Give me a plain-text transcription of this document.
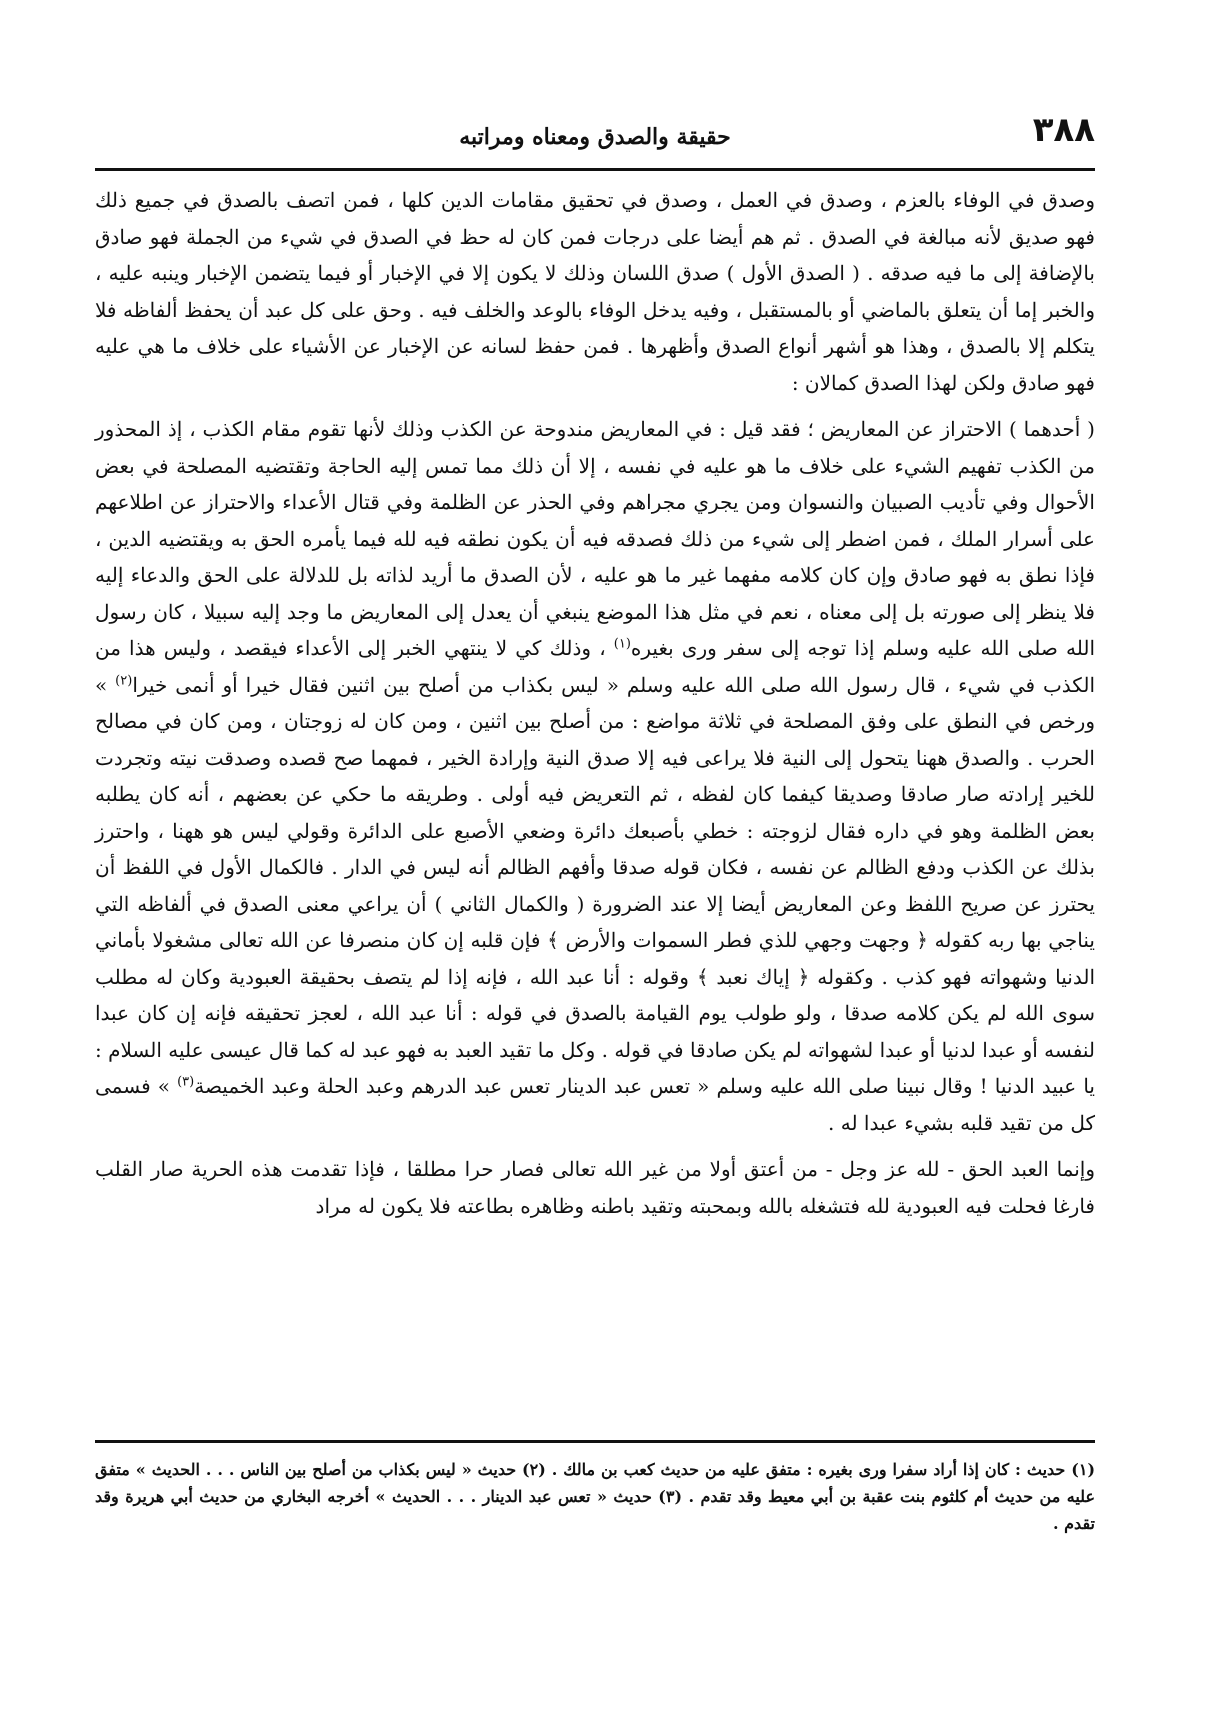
٣٨٨
حقيقة والصدق ومعناه ومراتبه

وصدق في الوفاء بالعزم ، وصدق في العمل ، وصدق في تحقيق مقامات الدين كلها ، فمن اتصف بالصدق في جميع ذلك فهو صديق لأنه مبالغة في الصدق . ثم هم أيضا على درجات فمن كان له حظ في الصدق في شيء من الجملة فهو صادق بالإضافة إلى ما فيه صدقه . ( الصدق الأول ) صدق اللسان وذلك لا يكون إلا في الإخبار أو فيما يتضمن الإخبار وينبه عليه ، والخبر إما أن يتعلق بالماضي أو بالمستقبل ، وفيه يدخل الوفاء بالوعد والخلف فيه . وحق على كل عبد أن يحفظ ألفاظه فلا يتكلم إلا بالصدق ، وهذا هو أشهر أنواع الصدق وأظهرها . فمن حفظ لسانه عن الإخبار عن الأشياء على خلاف ما هي عليه فهو صادق ولكن لهذا الصدق كمالان :

( أحدهما ) الاحتراز عن المعاريض ؛ فقد قيل : في المعاريض مندوحة عن الكذب وذلك لأنها تقوم مقام الكذب ، إذ المحذور من الكذب تفهيم الشيء على خلاف ما هو عليه في نفسه ، إلا أن ذلك مما تمس إليه الحاجة وتقتضيه المصلحة في بعض الأحوال وفي تأديب الصبيان والنسوان ومن يجري مجراهم وفي الحذر عن الظلمة وفي قتال الأعداء والاحتراز عن اطلاعهم على أسرار الملك ، فمن اضطر إلى شيء من ذلك فصدقه فيه أن يكون نطقه فيه لله فيما يأمره الحق به ويقتضيه الدين ، فإذا نطق به فهو صادق وإن كان كلامه مفهما غير ما هو عليه ، لأن الصدق ما أريد لذاته بل للدلالة على الحق والدعاء إليه فلا ينظر إلى صورته بل إلى معناه ، نعم في مثل هذا الموضع ينبغي أن يعدل إلى المعاريض ما وجد إليه سبيلا ، كان رسول الله صلى الله عليه وسلم إذا توجه إلى سفر ورى بغيره$^{(١)}$ ، وذلك كي لا ينتهي الخبر إلى الأعداء فيقصد ، وليس هذا من الكذب في شيء ، قال رسول الله صلى الله عليه وسلم « ليس بكذاب من أصلح بين اثنين فقال خيرا أو أنمى خيرا$^{(٢)}$ » ورخص في النطق على وفق المصلحة في ثلاثة مواضع : من أصلح بين اثنين ، ومن كان له زوجتان ، ومن كان في مصالح الحرب . والصدق ههنا يتحول إلى النية فلا يراعى فيه إلا صدق النية وإرادة الخير ، فمهما صح قصده وصدقت نيته وتجردت للخير إرادته صار صادقا وصديقا كيفما كان لفظه ، ثم التعريض فيه أولى . وطريقه ما حكي عن بعضهم ، أنه كان يطلبه بعض الظلمة وهو في داره فقال لزوجته : خطي بأصبعك دائرة وضعي الأصبع على الدائرة وقولي ليس هو ههنا ، واحترز بذلك عن الكذب ودفع الظالم عن نفسه ، فكان قوله صدقا وأفهم الظالم أنه ليس في الدار . فالكمال الأول في اللفظ أن يحترز عن صريح اللفظ وعن المعاريض أيضا إلا عند الضرورة ( والكمال الثاني ) أن يراعي معنى الصدق في ألفاظه التي يناجي بها ربه كقوله ﴿ وجهت وجهي للذي فطر السموات والأرض ﴾ فإن قلبه إن كان منصرفا عن الله تعالى مشغولا بأماني الدنيا وشهواته فهو كذب . وكقوله ﴿ إياك نعبد ﴾ وقوله : أنا عبد الله ، فإنه إذا لم يتصف بحقيقة العبودية وكان له مطلب سوى الله لم يكن كلامه صدقا ، ولو طولب يوم القيامة بالصدق في قوله : أنا عبد الله ، لعجز تحقيقه فإنه إن كان عبدا لنفسه أو عبدا لدنيا أو عبدا لشهواته لم يكن صادقا في قوله . وكل ما تقيد العبد به فهو عبد له كما قال عيسى عليه السلام : يا عبيد الدنيا ! وقال نبينا صلى الله عليه وسلم « تعس عبد الدينار تعس عبد الدرهم وعبد الحلة وعبد الخميصة$^{(٣)}$ » فسمى كل من تقيد قلبه بشيء عبدا له .

وإنما العبد الحق - لله عز وجل - من أعتق أولا من غير الله تعالى فصار حرا مطلقا ، فإذا تقدمت هذه الحرية صار القلب فارغا فحلت فيه العبودية لله فتشغله بالله وبمحبته وتقيد باطنه وظاهره بطاعته فلا يكون له مراد

(١) حديث : كان إذا أراد سفرا ورى بغيره : متفق عليه من حديث كعب بن مالك . (٢) حديث « ليس بكذاب من أصلح بين الناس . . . الحديث » متفق عليه من حديث أم كلثوم بنت عقبة بن أبي معيط وقد تقدم . (٣) حديث « تعس عبد الدينار . . . الحديث » أخرجه البخاري من حديث أبي هريرة وقد تقدم .
